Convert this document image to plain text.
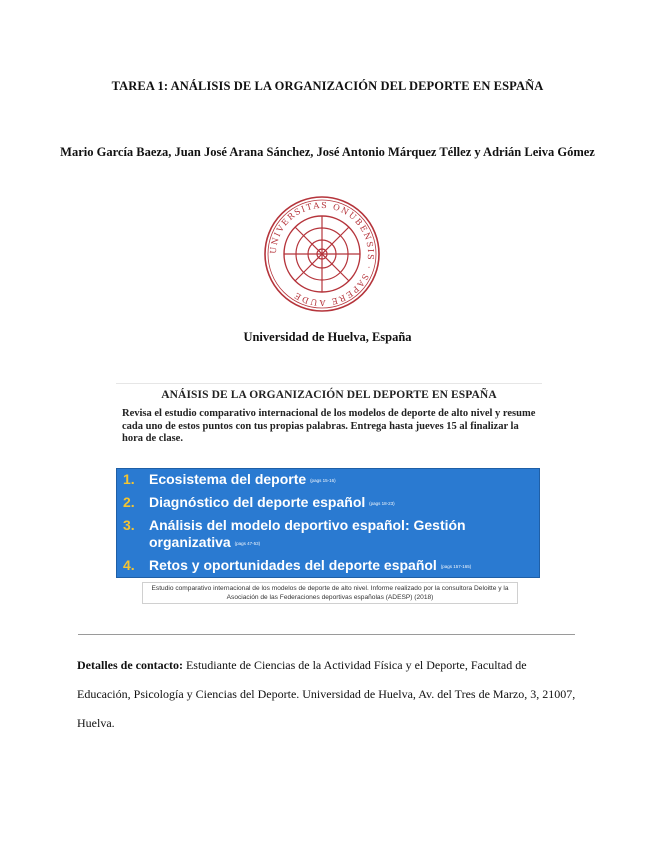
TAREA 1: ANÁLISIS DE LA ORGANIZACIÓN DEL DEPORTE EN ESPAÑA
Mario García Baeza, Juan José Arana Sánchez, José Antonio Márquez Téllez y Adrián Leiva Gómez
UNIVERSITAS ONUBENSIS · SAPERE AUDE
Universidad de Huelva, España
ANÁISIS DE LA ORGANIZACIÓN DEL DEPORTE EN ESPAÑA
Revisa el estudio comparativo internacional de los modelos de deporte de alto nivel y resume cada uno de estos puntos con tus propias palabras. Entrega hasta jueves 15 al finalizar la hora de clase.
1. Ecosistema del deporte (pags 15-16)
2. Diagnóstico del deporte español (pags 18-23)
3. Análisis del modelo deportivo español: Gestión
organizativa (pags 47-53)
4. Retos y oportunidades del deporte español (pags 157-165)
Estudio comparativo internacional de los modelos de deporte de alto nivel. Informe realizado por la consultora Deloitte y la Asociación de las Federaciones deportivas españolas (ADESP) (2018)
Detalles de contacto: Estudiante de Ciencias de la Actividad Física y el Deporte, Facultad de Educación, Psicología y Ciencias del Deporte. Universidad de Huelva, Av. del Tres de Marzo, 3, 21007, Huelva.
